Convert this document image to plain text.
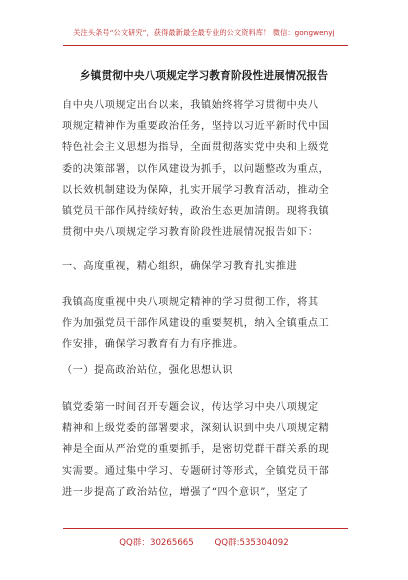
关注头条号“公文研究”，获得最新最全最专业的公文资料库！ 微信：gongwenyj
乡镇贯彻中央八项规定学习教育阶段性进展情况报告
自中央八项规定出台以来，我镇始终将学习贯彻中央八
项规定精神作为重要政治任务，坚持以习近平新时代中国
特色社会主义思想为指导，全面贯彻落实党中央和上级党
委的决策部署，以作风建设为抓手，以问题整改为重点，
以长效机制建设为保障，扎实开展学习教育活动，推动全
镇党员干部作风持续好转，政治生态更加清朗。现将我镇
贯彻中央八项规定学习教育阶段性进展情况报告如下：
一、高度重视，精心组织，确保学习教育扎实推进
我镇高度重视中央八项规定精神的学习贯彻工作，将其
作为加强党员干部作风建设的重要契机，纳入全镇重点工
作安排，确保学习教育有力有序推进。
（一）提高政治站位，强化思想认识
镇党委第一时间召开专题会议，传达学习中央八项规定
精神和上级党委的部署要求，深刻认识到中央八项规定精
神是全面从严治党的重要抓手，是密切党群干群关系的现
实需要。通过集中学习、专题研讨等形式，全镇党员干部
进一步提高了政治站位，增强了“四个意识”，坚定了
QQ群：30265665 QQ群:535304092
